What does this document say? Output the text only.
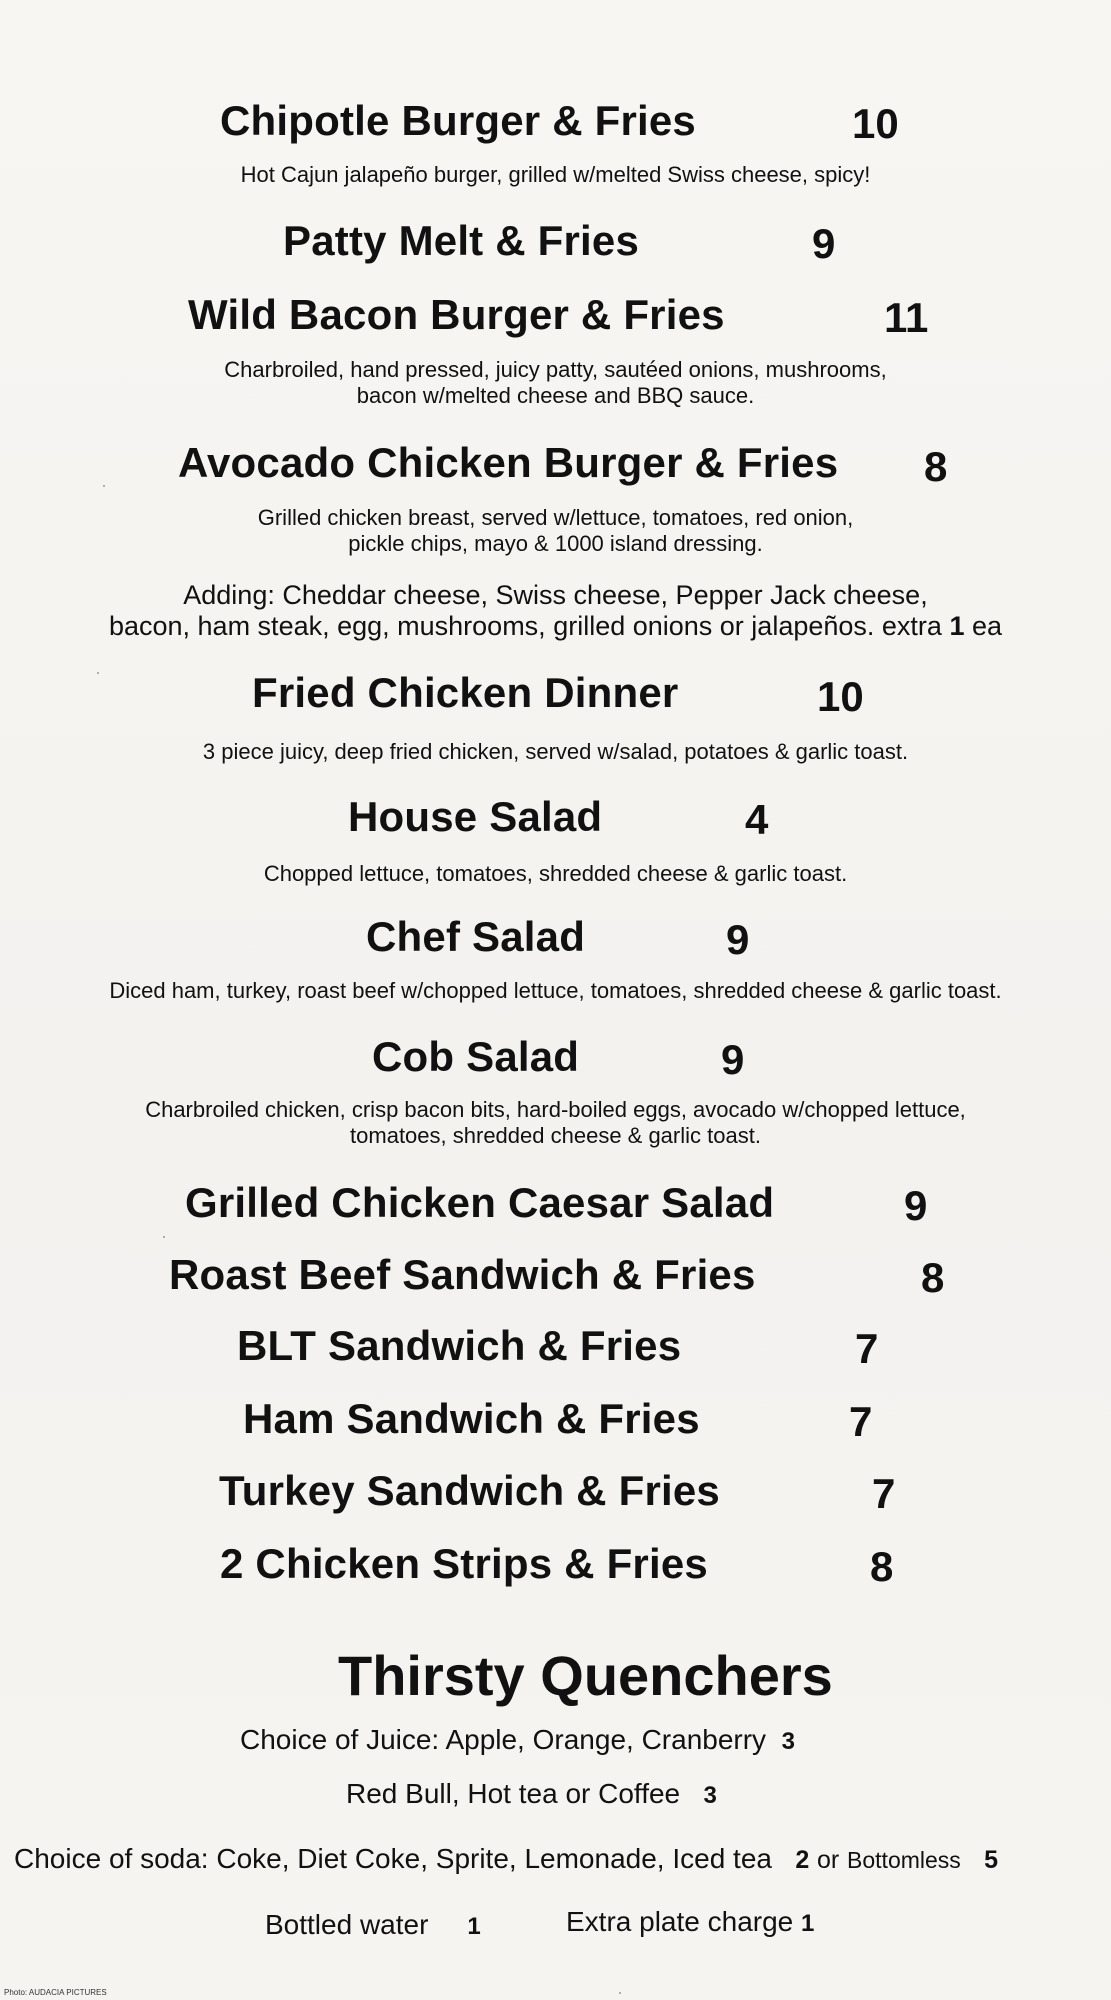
Chipotle Burger & Fries	10

Hot Cajun jalapeño burger, grilled w/melted Swiss cheese, spicy!

Patty Melt & Fries	9
Wild Bacon Burger & Fries	11

Charbroiled, hand pressed, juicy patty, sautéed onions, mushrooms,
bacon w/melted cheese and BBQ sauce.

Avocado Chicken Burger & Fries 8

Grilled chicken breast, served w/lettuce, tomatoes, red onion,
pickle chips, mayo & 1000 island dressing.

Adding: Cheddar cheese, Swiss cheese, Pepper Jack cheese,
bacon, ham steak, egg, mushrooms, grilled onions or jalapeños. extra 1 ea

Fried Chicken Dinner	10

3 piece juicy, deep fried chicken, served w/salad, potatoes & garlic toast.

House Salad	4

Chopped lettuce, tomatoes, shredded cheese & garlic toast.

Chef Salad	9

Diced ham, turkey, roast beef w/chopped lettuce, tomatoes, shredded cheese & garlic toast.

Cob Salad	9

Charbroiled chicken, crisp bacon bits, hard-boiled eggs, avocado w/chopped lettuce,
tomatoes, shredded cheese & garlic toast.

Grilled Chicken Caesar Salad	9
Roast Beef Sandwich & Fries	8
BLT Sandwich & Fries	7
Ham Sandwich & Fries	7
Turkey Sandwich & Fries	7
2 Chicken Strips & Fries	8
Thirsty Quenchers
Choice of Juice: Apple, Orange, Cranberry 3
Red Bull, Hot tea or Coffee 3
Choice of soda: Coke, Diet Coke, Sprite, Lemonade, Iced tea 2 or Bottomless 5
Bottled water 1	Extra plate charge 1
Photo: AUDACIA PICTURES
